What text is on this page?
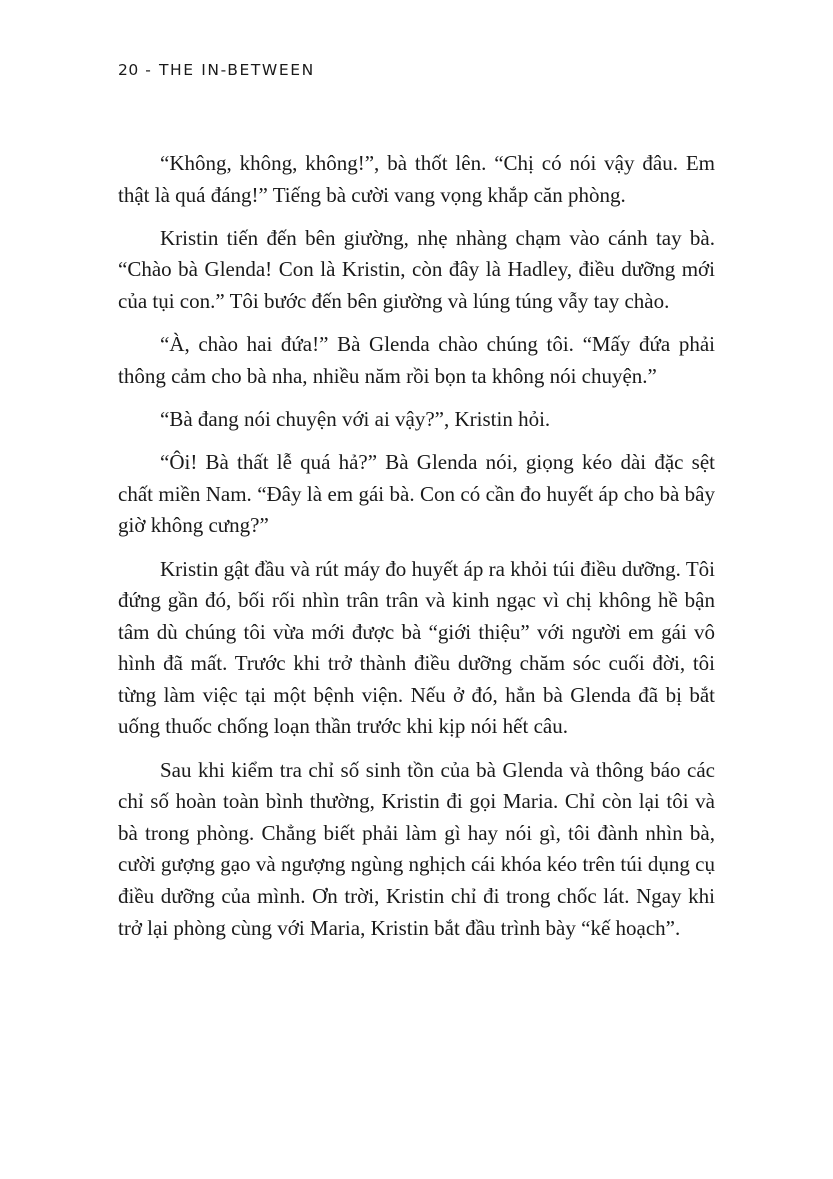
20 - THE IN-BETWEEN

“Không, không, không!”, bà thốt lên. “Chị có nói vậy đâu. Em thật là quá đáng!” Tiếng bà cười vang vọng khắp căn phòng.

Kristin tiến đến bên giường, nhẹ nhàng chạm vào cánh tay bà. “Chào bà Glenda! Con là Kristin, còn đây là Hadley, điều dưỡng mới của tụi con.” Tôi bước đến bên giường và lúng túng vẫy tay chào.

“À, chào hai đứa!” Bà Glenda chào chúng tôi. “Mấy đứa phải thông cảm cho bà nha, nhiều năm rồi bọn ta không nói chuyện.”

“Bà đang nói chuyện với ai vậy?”, Kristin hỏi.

“Ôi! Bà thất lễ quá hả?” Bà Glenda nói, giọng kéo dài đặc sệt chất miền Nam. “Đây là em gái bà. Con có cần đo huyết áp cho bà bây giờ không cưng?”

Kristin gật đầu và rút máy đo huyết áp ra khỏi túi điều dưỡng. Tôi đứng gần đó, bối rối nhìn trân trân và kinh ngạc vì chị không hề bận tâm dù chúng tôi vừa mới được bà “giới thiệu” với người em gái vô hình đã mất. Trước khi trở thành điều dưỡng chăm sóc cuối đời, tôi từng làm việc tại một bệnh viện. Nếu ở đó, hẳn bà Glenda đã bị bắt uống thuốc chống loạn thần trước khi kịp nói hết câu.

Sau khi kiểm tra chỉ số sinh tồn của bà Glenda và thông báo các chỉ số hoàn toàn bình thường, Kristin đi gọi Maria. Chỉ còn lại tôi và bà trong phòng. Chẳng biết phải làm gì hay nói gì, tôi đành nhìn bà, cười gượng gạo và ngượng ngùng nghịch cái khóa kéo trên túi dụng cụ điều dưỡng của mình. Ơn trời, Kristin chỉ đi trong chốc lát. Ngay khi trở lại phòng cùng với Maria, Kristin bắt đầu trình bày “kế hoạch”.
